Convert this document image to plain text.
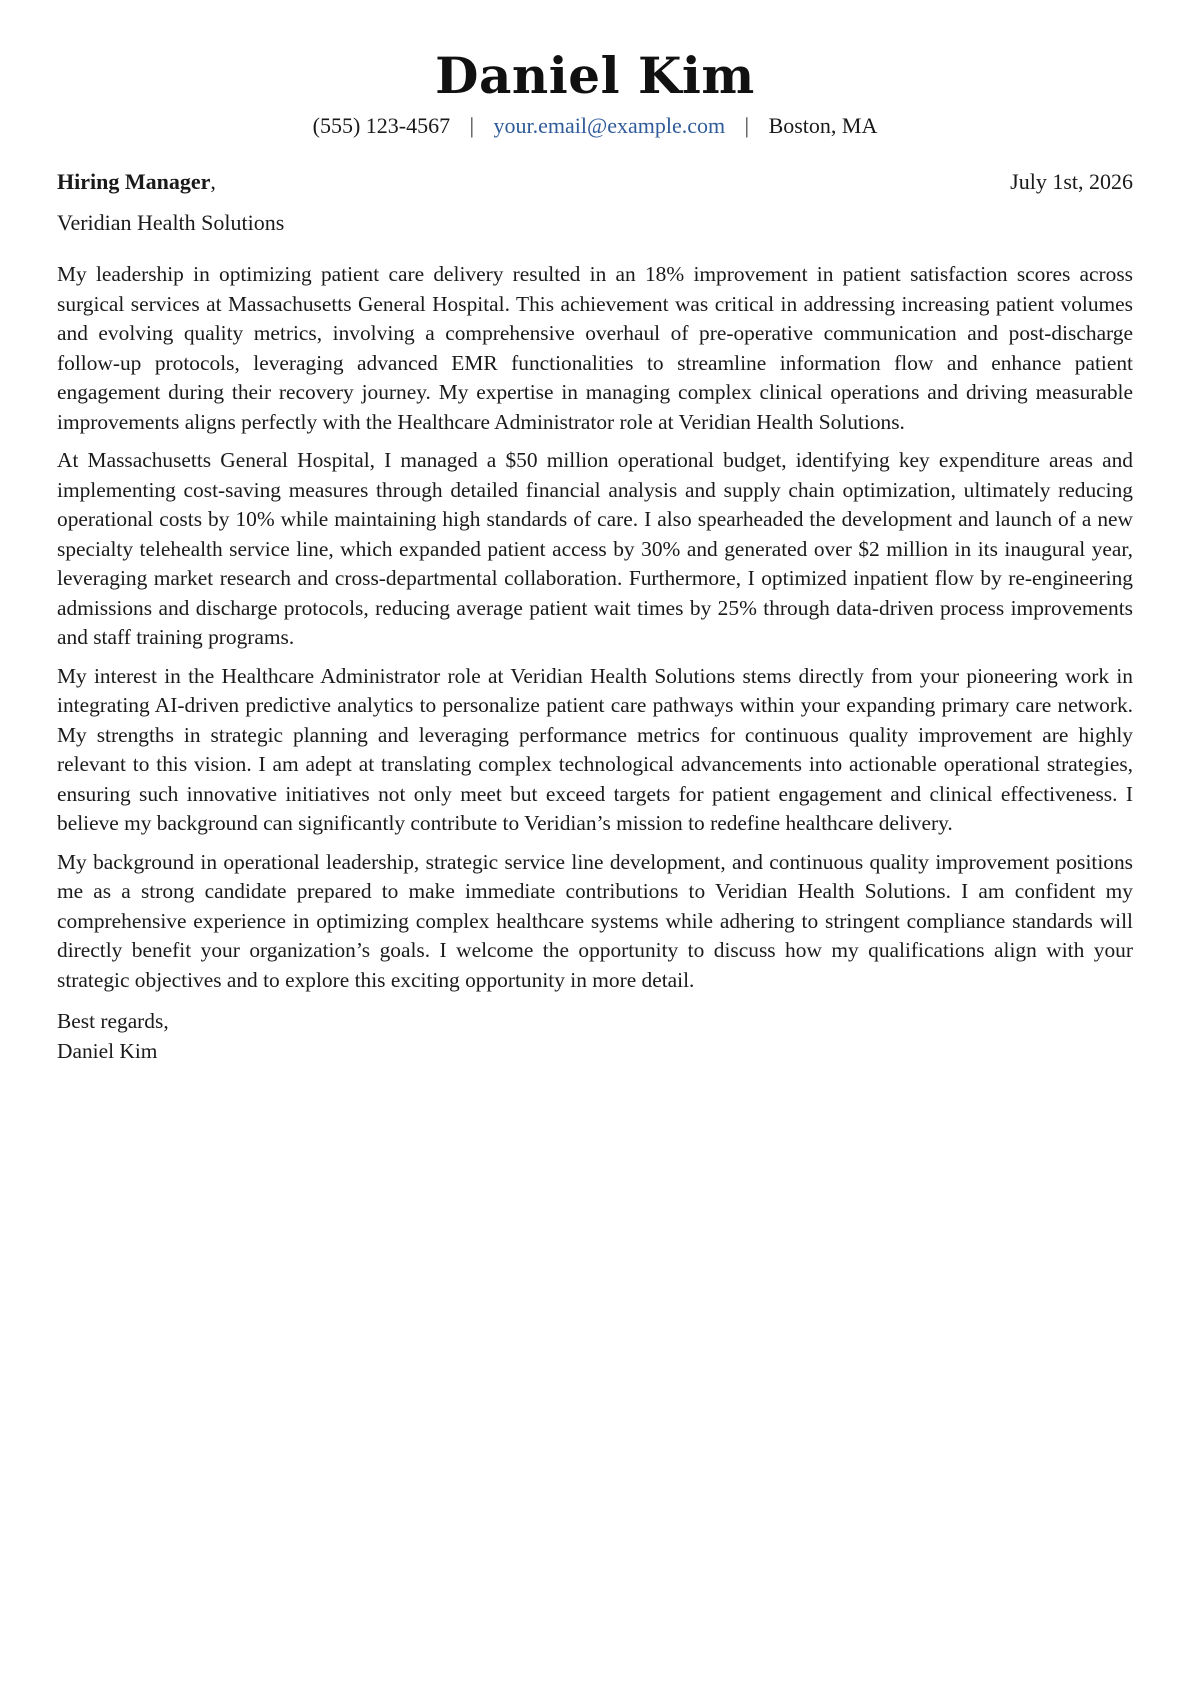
Daniel Kim
(555) 123-4567 | your.email@example.com | Boston, MA
Hiring Manager,	July 1st, 2026
Veridian Health Solutions

My leadership in optimizing patient care delivery resulted in an 18% improvement in patient satisfaction scores across surgical services at Massachusetts General Hospital. This achievement was critical in addressing increasing patient volumes and evolving quality metrics, involving a comprehensive overhaul of pre-operative communication and post-discharge follow-up protocols, leveraging advanced EMR functionalities to streamline information flow and enhance patient engagement during their recovery journey. My expertise in managing complex clinical operations and driving measurable improvements aligns perfectly with the Healthcare Administrator role at Veridian Health Solutions.

At Massachusetts General Hospital, I managed a $50 million operational budget, identifying key expenditure areas and implementing cost-saving measures through detailed financial analysis and supply chain optimization, ultimately reducing operational costs by 10% while maintaining high standards of care. I also spearheaded the development and launch of a new specialty telehealth service line, which expanded patient access by 30% and generated over $2 million in its inaugural year, leveraging market research and cross-departmental collaboration. Furthermore, I optimized inpatient flow by re-engineering admissions and discharge protocols, reducing average patient wait times by 25% through data-driven process improvements and staff training programs.

My interest in the Healthcare Administrator role at Veridian Health Solutions stems directly from your pioneering work in integrating AI-driven predictive analytics to personalize patient care pathways within your expanding primary care network. My strengths in strategic planning and leveraging performance metrics for continuous quality improvement are highly relevant to this vision. I am adept at translating complex technological advancements into actionable operational strategies, ensuring such innovative initiatives not only meet but exceed targets for patient engagement and clinical effectiveness. I believe my background can significantly contribute to Veridian’s mission to redefine healthcare delivery.

My background in operational leadership, strategic service line development, and continuous quality improvement positions me as a strong candidate prepared to make immediate contributions to Veridian Health Solutions. I am confident my comprehensive experience in optimizing complex healthcare systems while adhering to stringent compliance standards will directly benefit your organization’s goals. I welcome the opportunity to discuss how my qualifications align with your strategic objectives and to explore this exciting opportunity in more detail.

Best regards,
Daniel Kim
